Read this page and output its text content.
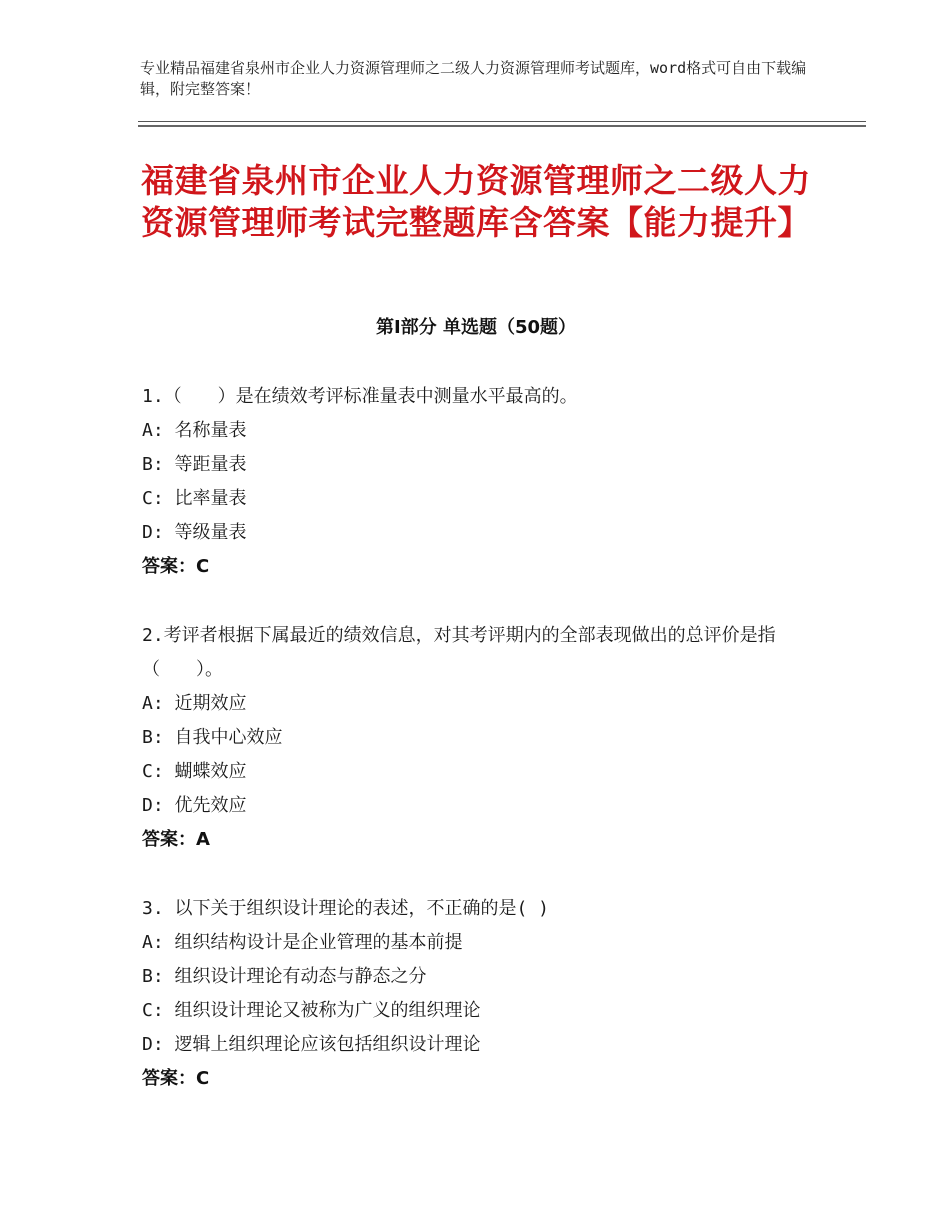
专业精品福建省泉州市企业人力资源管理师之二级人力资源管理师考试题库，word格式可自由下载编辑，附完整答案！
福建省泉州市企业人力资源管理师之二级人力资源管理师考试完整题库含答案【能力提升】
第Ⅰ部分 单选题（50题）
1.（　　）是在绩效考评标准量表中测量水平最高的。
A:  名称量表
B:  等距量表
C:  比率量表
D:  等级量表
答案：C
2.考评者根据下属最近的绩效信息，对其考评期内的全部表现做出的总评价是指（　　）。
A:  近期效应
B:  自我中心效应
C:  蝴蝶效应
D:  优先效应
答案：A
3. 以下关于组织设计理论的表述，不正确的是( )
A:  组织结构设计是企业管理的基本前提
B:  组织设计理论有动态与静态之分
C:  组织设计理论又被称为广义的组织理论
D:  逻辑上组织理论应该包括组织设计理论
答案：C
